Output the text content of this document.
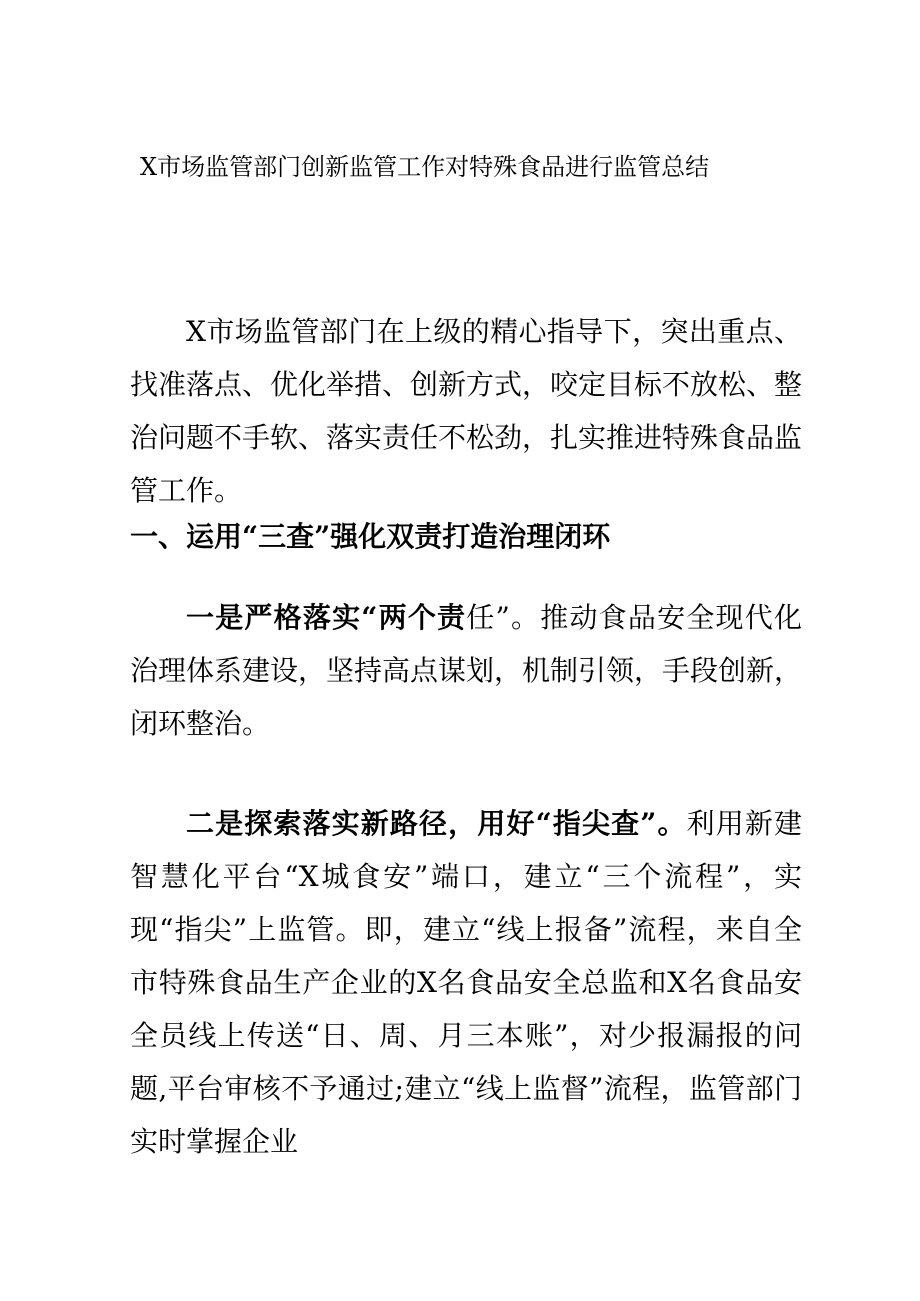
X市场监管部门创新监管工作对特殊食品进行监管总结

X市场监管部门在上级的精心指导下，突出重点、找准落点、优化举措、创新方式，咬定目标不放松、整治问题不手软、落实责任不松劲，扎实推进特殊食品监管工作。

一、运用“三查”强化双责打造治理闭环

一是严格落实“两个责任”。推动食品安全现代化治理体系建设，坚持高点谋划，机制引领，手段创新，闭环整治。

二是探索落实新路径，用好“指尖查”。利用新建智慧化平台“X城食安”端口，建立“三个流程”，实现“指尖”上监管。即，建立“线上报备”流程，来自全市特殊食品生产企业的X名食品安全总监和X名食品安全员线上传送“日、周、月三本账”，对少报漏报的问题,平台审核不予通过;建立“线上监督”流程，监管部门实时掌握企业
